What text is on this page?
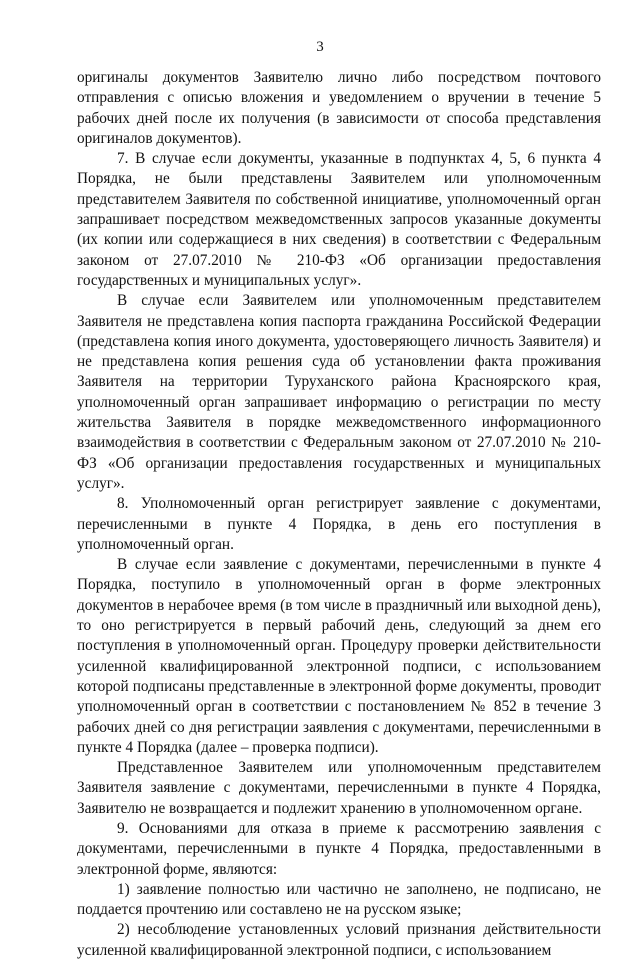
3

оригиналы документов Заявителю лично либо посредством почтового отправления с описью вложения и уведомлением о вручении в течение 5 рабочих дней после их получения (в зависимости от способа представления оригиналов документов).

7. В случае если документы, указанные в подпунктах 4, 5, 6 пункта 4 Порядка, не были представлены Заявителем или уполномоченным представителем Заявителя по собственной инициативе, уполномоченный орган запрашивает посредством межведомственных запросов указанные документы (их копии или содержащиеся в них сведения) в соответствии с Федеральным законом от 27.07.2010 № 210-ФЗ «Об организации предоставления государственных и муниципальных услуг».

В случае если Заявителем или уполномоченным представителем Заявителя не представлена копия паспорта гражданина Российской Федерации (представлена копия иного документа, удостоверяющего личность Заявителя) и не представлена копия решения суда об установлении факта проживания Заявителя на территории Туруханского района Красноярского края, уполномоченный орган запрашивает информацию о регистрации по месту жительства Заявителя в порядке межведомственного информационного взаимодействия в соответствии с Федеральным законом от 27.07.2010 № 210-ФЗ «Об организации предоставления государственных и муниципальных услуг».

8. Уполномоченный орган регистрирует заявление с документами, перечисленными в пункте 4 Порядка, в день его поступления в уполномоченный орган.

В случае если заявление с документами, перечисленными в пункте 4 Порядка, поступило в уполномоченный орган в форме электронных документов в нерабочее время (в том числе в праздничный или выходной день), то оно регистрируется в первый рабочий день, следующий за днем его поступления в уполномоченный орган. Процедуру проверки действительности усиленной квалифицированной электронной подписи, с использованием которой подписаны представленные в электронной форме документы, проводит уполномоченный орган в соответствии с постановлением № 852 в течение 3 рабочих дней со дня регистрации заявления с документами, перечисленными в пункте 4 Порядка (далее – проверка подписи).

Представленное Заявителем или уполномоченным представителем Заявителя заявление с документами, перечисленными в пункте 4 Порядка, Заявителю не возвращается и подлежит хранению в уполномоченном органе.

9. Основаниями для отказа в приеме к рассмотрению заявления с документами, перечисленными в пункте 4 Порядка, предоставленными в электронной форме, являются:

1) заявление полностью или частично не заполнено, не подписано, не поддается прочтению или составлено не на русском языке;

2) несоблюдение установленных условий признания действительности усиленной квалифицированной электронной подписи, с использованием
